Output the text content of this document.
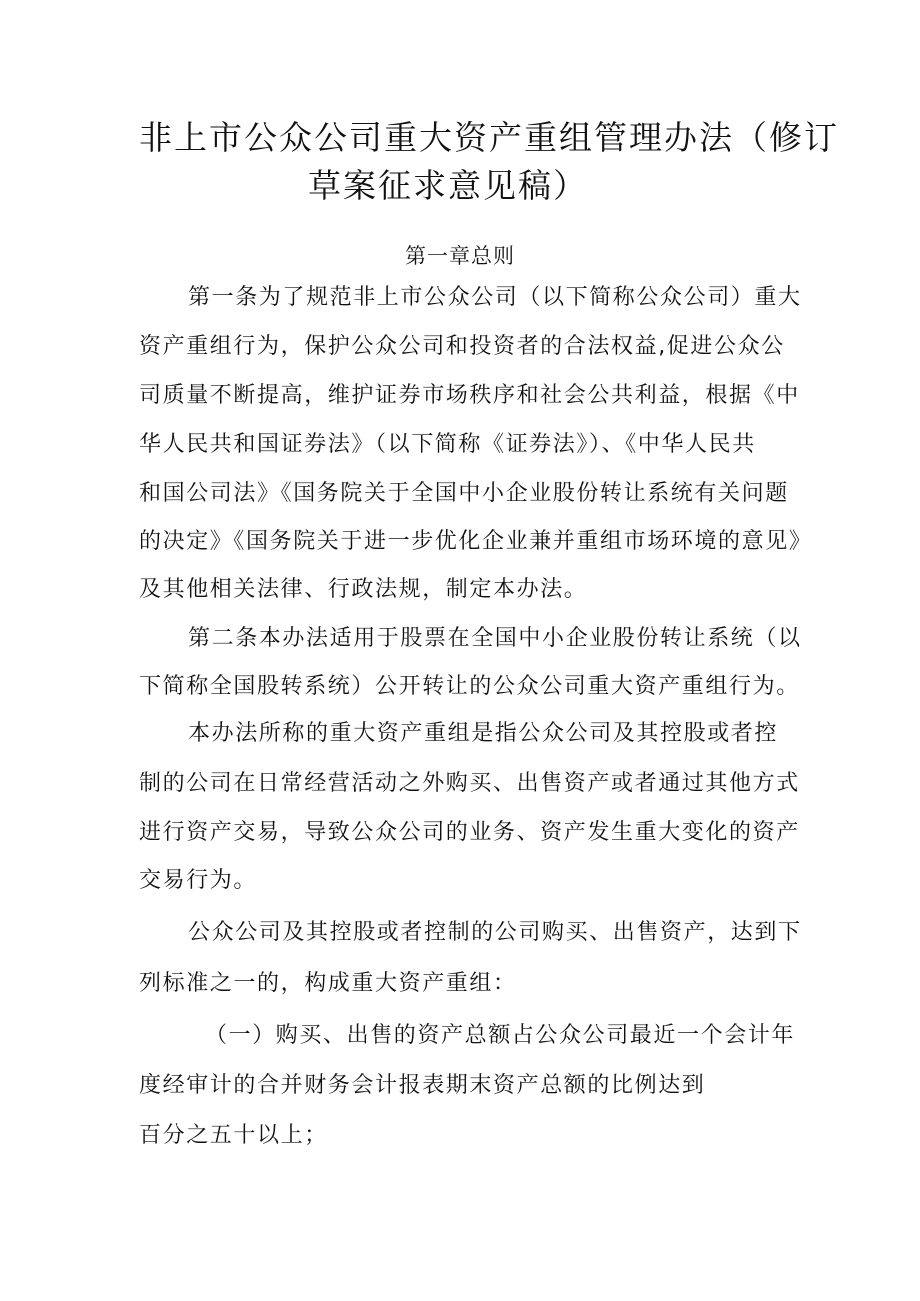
非上市公众公司重大资产重组管理办法（修订
草案征求意见稿）
第一章总则
第一条为了规范非上市公众公司（以下简称公众公司）重大
资产重组行为，保护公众公司和投资者的合法权益,促进公众公
司质量不断提高，维护证券市场秩序和社会公共利益，根据《中
华人民共和国证券法》（以下简称《证券法》）、《中华人民共
和国公司法》《国务院关于全国中小企业股份转让系统有关问题
的决定》《国务院关于进一步优化企业兼并重组市场环境的意见》
及其他相关法律、行政法规，制定本办法。
第二条本办法适用于股票在全国中小企业股份转让系统（以
下简称全国股转系统）公开转让的公众公司重大资产重组行为。
本办法所称的重大资产重组是指公众公司及其控股或者控
制的公司在日常经营活动之外购买、出售资产或者通过其他方式
进行资产交易，导致公众公司的业务、资产发生重大变化的资产
交易行为。
公众公司及其控股或者控制的公司购买、出售资产，达到下
列标准之一的，构成重大资产重组：
（一）购买、出售的资产总额占公众公司最近一个会计年
度经审计的合并财务会计报表期末资产总额的比例达到
百分之五十以上；
